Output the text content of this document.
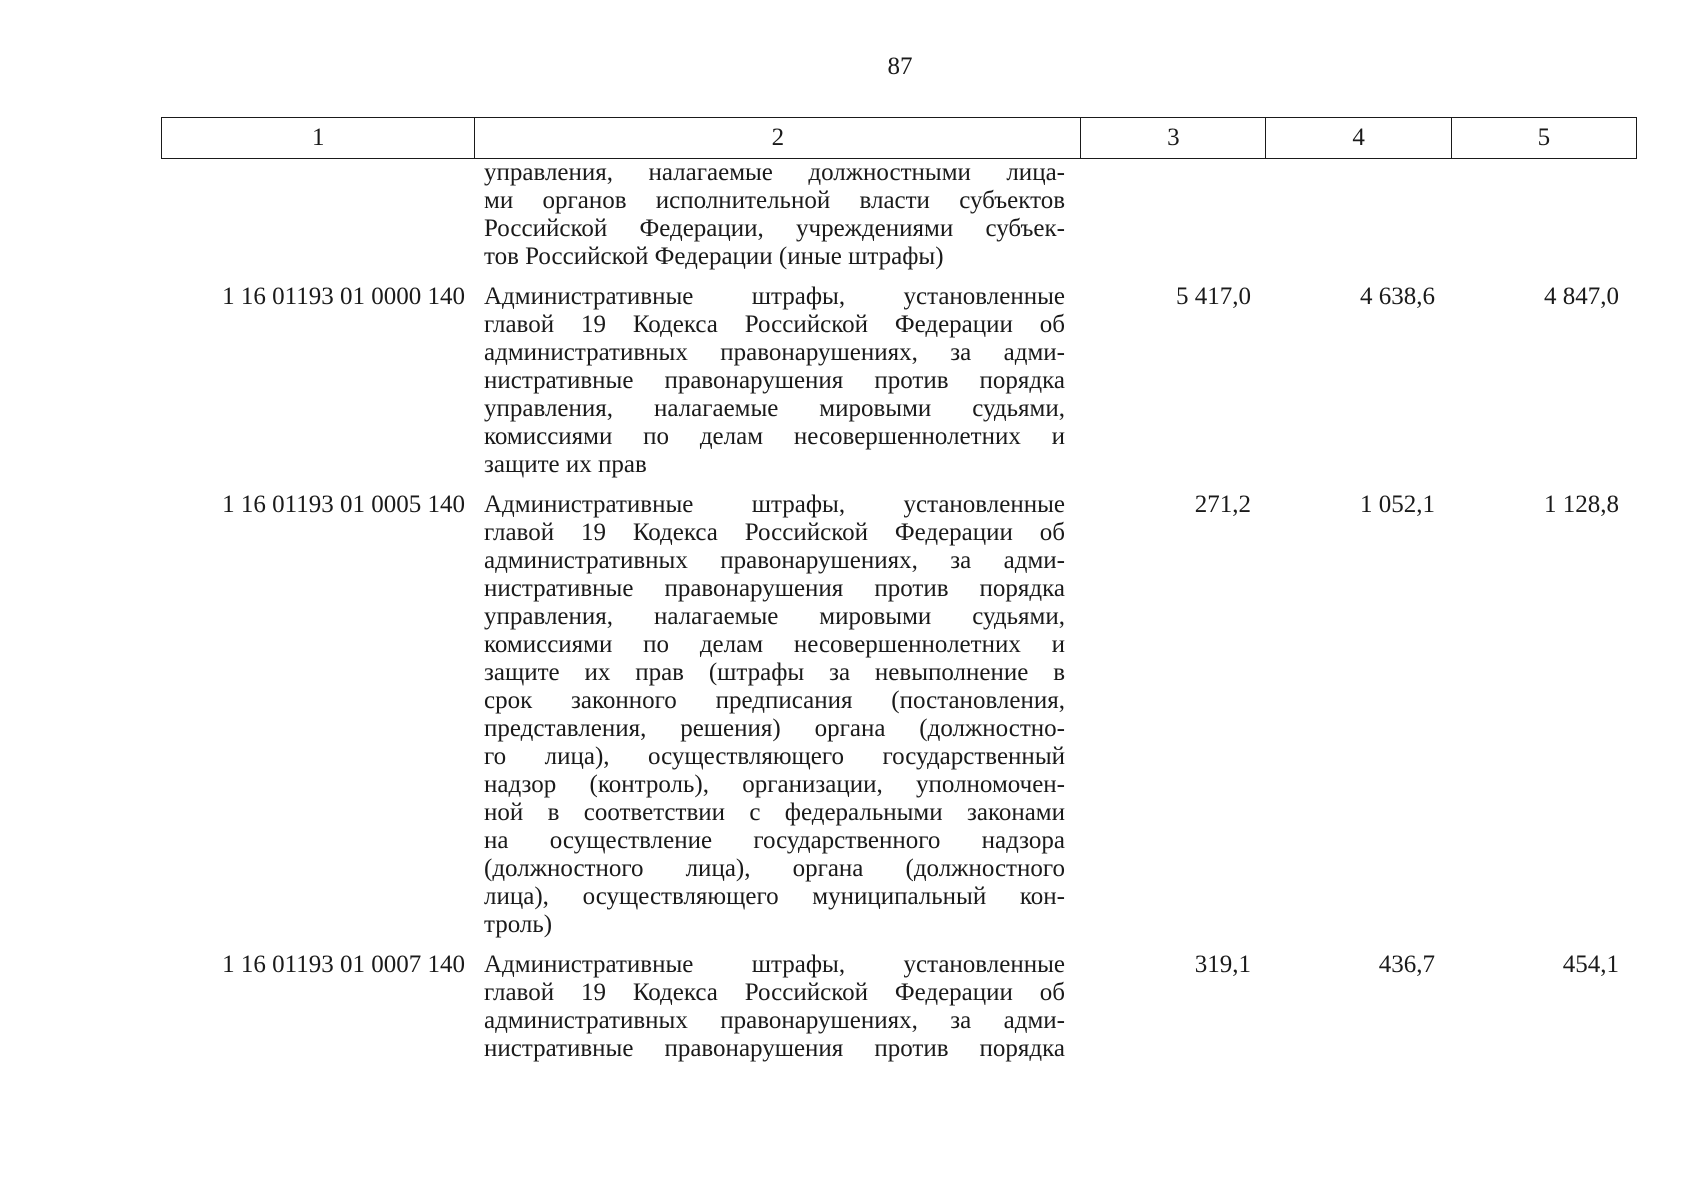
87
1	2	3	4	5
управления, налагаемые должностными лица-
ми органов исполнительной власти субъектов
Российской Федерации, учреждениями субъек-
тов Российской Федерации (иные штрафы)
1 16 01193 01 0000 140 Административные штрафы, установленные
главой 19 Кодекса Российской Федерации об
административных правонарушениях, за адми-
нистративные правонарушения против порядка
управления, налагаемые мировыми судьями,
комиссиями по делам несовершеннолетних и
защите их прав
5 417,0	4 638,6	4 847,0
1 16 01193 01 0005 140 Административные штрафы, установленные
главой 19 Кодекса Российской Федерации об
административных правонарушениях, за адми-
нистративные правонарушения против порядка
управления, налагаемые мировыми судьями,
комиссиями по делам несовершеннолетних и
защите их прав (штрафы за невыполнение в
срок законного предписания (постановления,
представления, решения) органа (должностно-
го лица), осуществляющего государственный
надзор (контроль), организации, уполномочен-
ной в соответствии с федеральными законами
на осуществление государственного надзора
(должностного лица), органа (должностного
лица), осуществляющего муниципальный кон-
троль)
271,2	1 052,1	1 128,8
1 16 01193 01 0007 140 Административные штрафы, установленные
главой 19 Кодекса Российской Федерации об
административных правонарушениях, за адми-
нистративные правонарушения против порядка
319,1	436,7	454,1
